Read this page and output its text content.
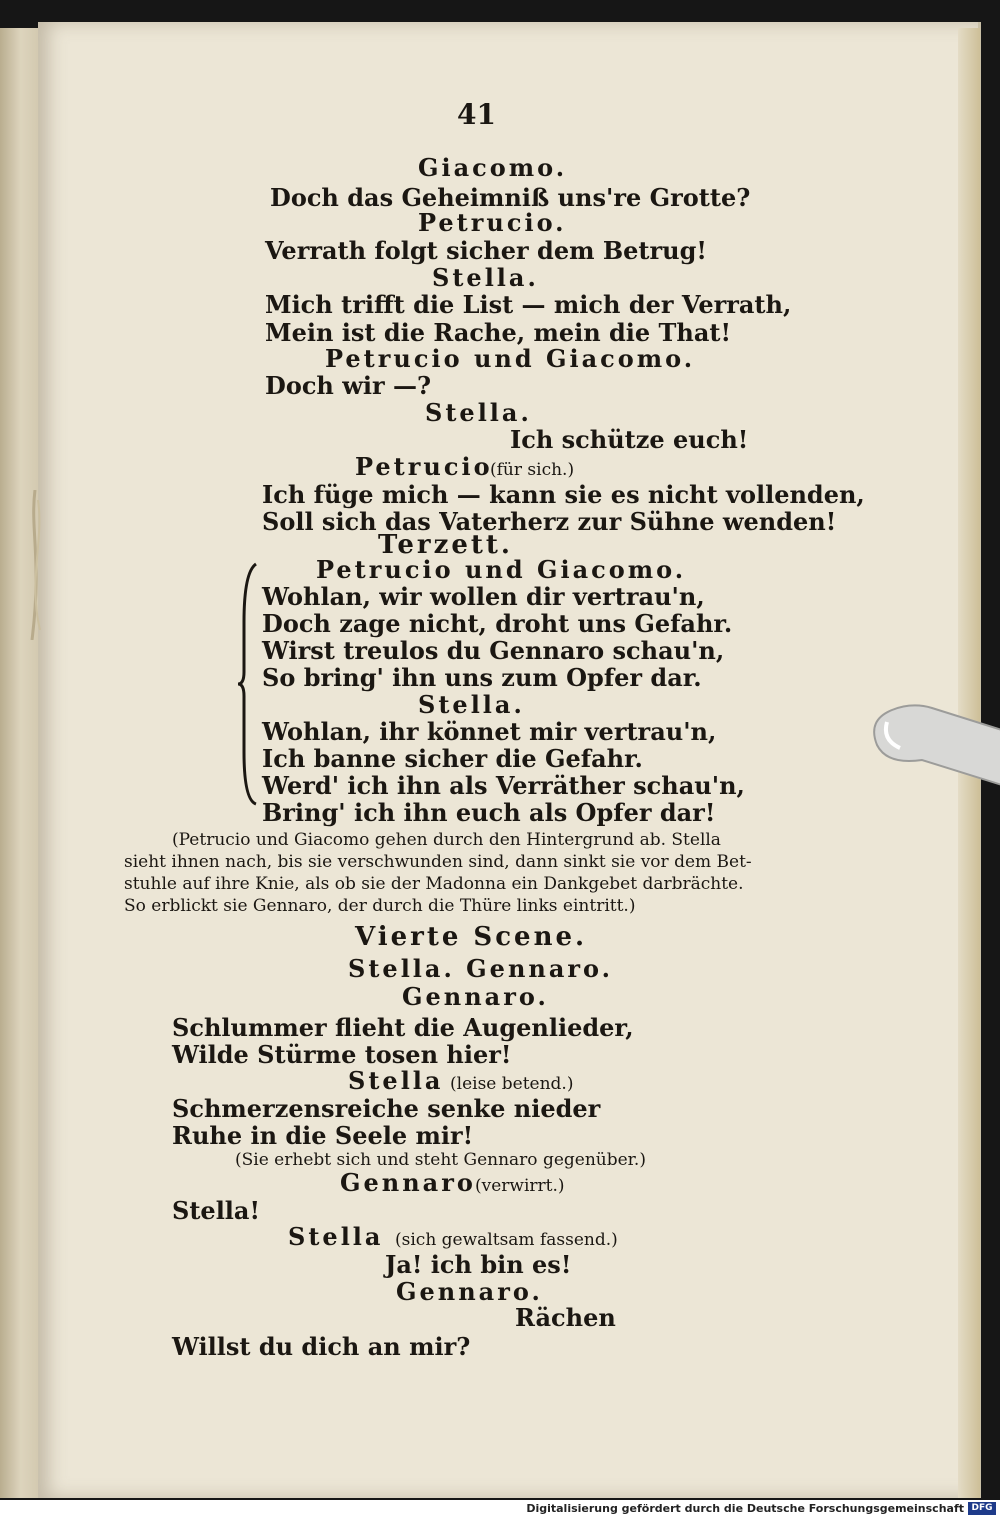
41
Giacomo.
Doch das Geheimniß uns're Grotte?
Petrucio.
Verrath folgt sicher dem Betrug!
Stella.
Mich trifft die List — mich der Verrath,
Mein ist die Rache, mein die That!
Petrucio und Giacomo.
Doch wir —?
Stella.
Ich schütze euch!
Petrucio
(für sich.)
Ich füge mich — kann sie es nicht vollenden,
Soll sich das Vaterherz zur Sühne wenden!
Terzett.
Petrucio und Giacomo.
Wohlan, wir wollen dir vertrau'n,
Doch zage nicht, droht uns Gefahr.
Wirst treulos du Gennaro schau'n,
So bring' ihn uns zum Opfer dar.
Stella.
Wohlan, ihr könnet mir vertrau'n,
Ich banne sicher die Gefahr.
Werd' ich ihn als Verräther schau'n,
Bring' ich ihn euch als Opfer dar!
(Petrucio und Giacomo gehen durch den Hintergrund ab. Stella
sieht ihnen nach, bis sie verschwunden sind, dann sinkt sie vor dem Bet-
stuhle auf ihre Knie, als ob sie der Madonna ein Dankgebet darbrächte.
So erblickt sie Gennaro, der durch die Thüre links eintritt.)
Vierte Scene.
Stella. Gennaro.
Gennaro.
Schlummer flieht die Augenlieder,
Wilde Stürme tosen hier!
Stella (leise betend.)
Schmerzensreiche senke nieder
Ruhe in die Seele mir!
(Sie erhebt sich und steht Gennaro gegenüber.)
Gennaro (verwirrt.)
Stella!
Stella (sich gewaltsam fassend.)
Ja! ich bin es!
Gennaro.
Rächen
Willst du dich an mir?
Digitalisierung gefördert durch die Deutsche Forschungsgemeinschaft DFG
